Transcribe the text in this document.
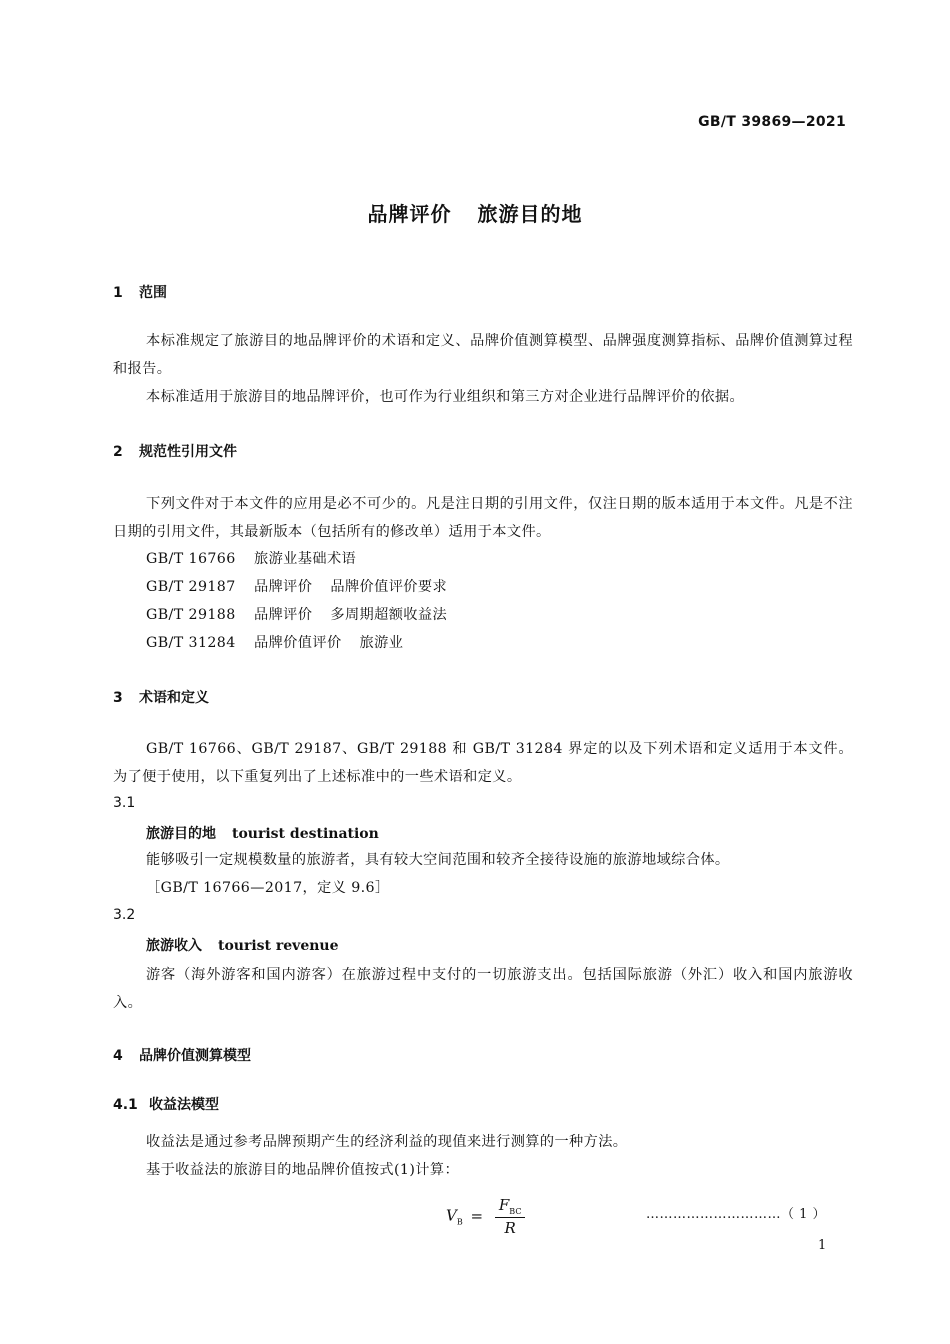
GB/T 39869—2021
品牌评价 旅游目的地
1 范围
本标准规定了旅游目的地品牌评价的术语和定义、品牌价值测算模型、品牌强度测算指标、品牌价值测算过程和报告。
本标准适用于旅游目的地品牌评价，也可作为行业组织和第三方对企业进行品牌评价的依据。
2 规范性引用文件
下列文件对于本文件的应用是必不可少的。凡是注日期的引用文件，仅注日期的版本适用于本文件。凡是不注日期的引用文件，其最新版本（包括所有的修改单）适用于本文件。
GB/T 16766 旅游业基础术语
GB/T 29187 品牌评价 品牌价值评价要求
GB/T 29188 品牌评价 多周期超额收益法
GB/T 31284 品牌价值评价 旅游业
3 术语和定义
GB/T 16766、GB/T 29187、GB/T 29188 和 GB/T 31284 界定的以及下列术语和定义适用于本文件。为了便于使用，以下重复列出了上述标准中的一些术语和定义。
3.1
旅游目的地 tourist destination
能够吸引一定规模数量的旅游者，具有较大空间范围和较齐全接待设施的旅游地域综合体。
［GB/T 16766—2017，定义 9.6］
3.2
旅游收入 tourist revenue
游客（海外游客和国内游客）在旅游过程中支付的一切旅游支出。包括国际旅游（外汇）收入和国内旅游收入。
4 品牌价值测算模型
4.1 收益法模型
收益法是通过参考品牌预期产生的经济利益的现值来进行测算的一种方法。
基于收益法的旅游目的地品牌价值按式(1)计算：
$V_B = \frac{F_{BC}}{R}$	…………………………（ 1 ）
1
